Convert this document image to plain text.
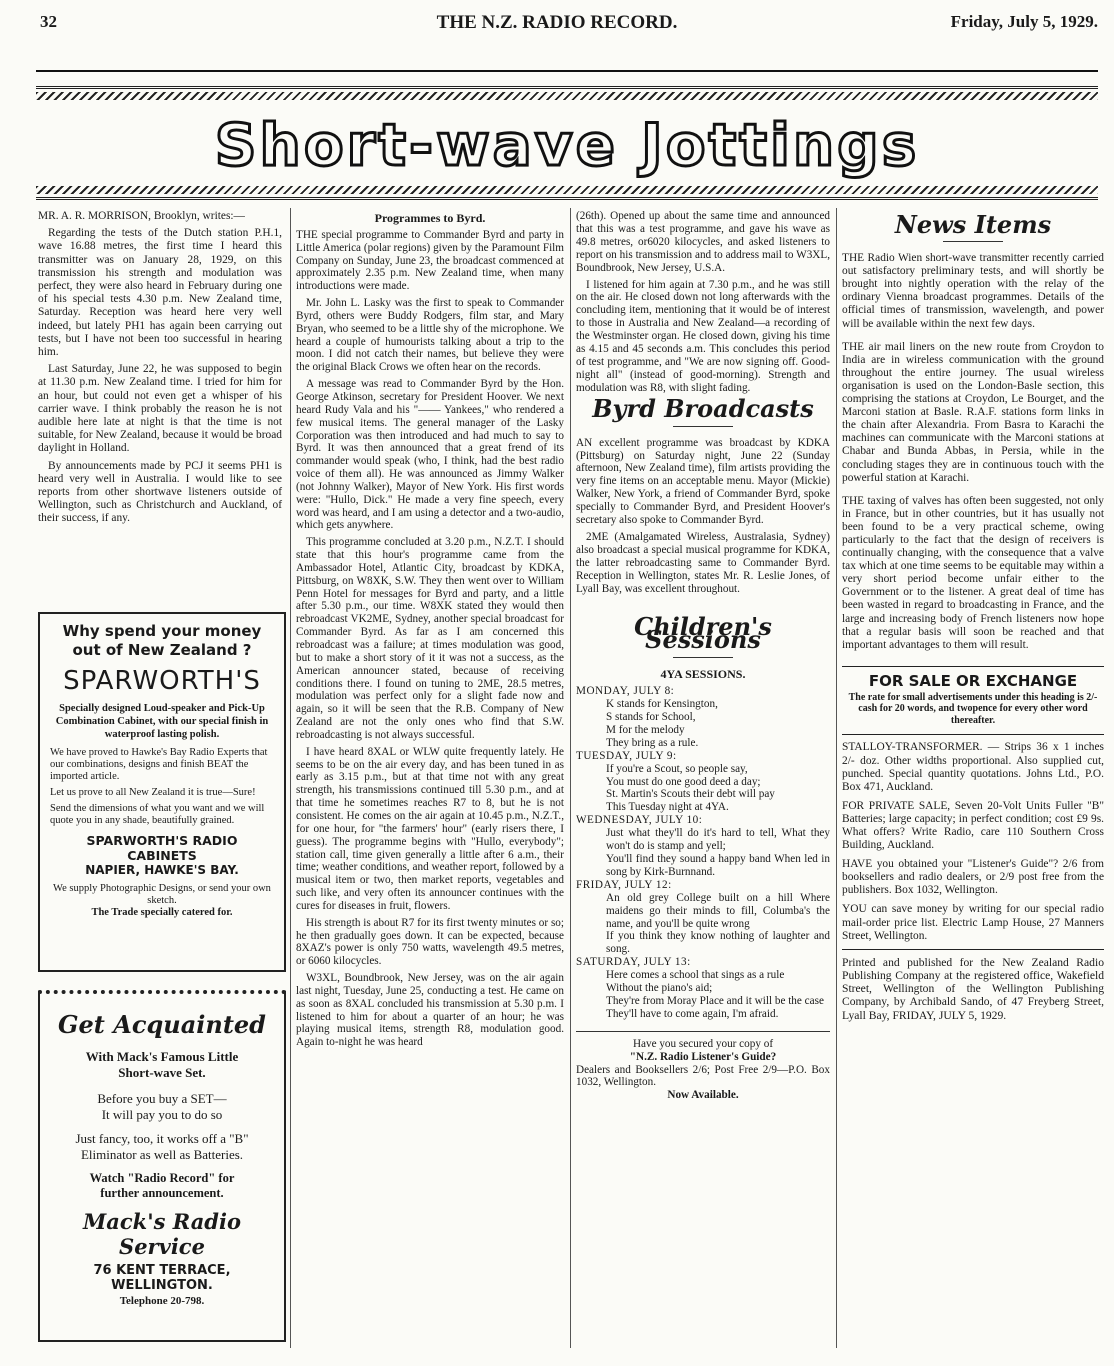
32	THE N.Z. RADIO RECORD.	Friday, July 5, 1929.
Short-wave Jottings

MR. A. R. MORRISON, Brooklyn, writes:—

Regarding the tests of the Dutch station P.H.1, wave 16.88 metres, the first time I heard this transmitter was on January 28, 1929, on this transmission his strength and modulation was perfect, they were also heard in February during one of his special tests 4.30 p.m. New Zealand time, Saturday. Reception was heard here very well indeed, but lately PH1 has again been carrying out tests, but I have not been too successful in hearing him.

Last Saturday, June 22, he was supposed to begin at 11.30 p.m. New Zealand time. I tried for him for an hour, but could not even get a whisper of his carrier wave. I think probably the reason he is not audible here late at night is that the time is not suitable, for New Zealand, because it would be broad daylight in Holland.

By announcements made by PCJ it seems PH1 is heard very well in Australia. I would like to see reports from other shortwave listeners outside of Wellington, such as Christchurch and Auckland, of their success, if any.

Why spend your money out of New Zealand ?
SPARWORTH'S
Specially designed Loud-speaker and Pick-Up Combination Cabinet, with our special finish in waterproof lasting polish.
We have proved to Hawke's Bay Radio Experts that our combinations, designs and finish BEAT the imported article.
Let us prove to all New Zealand it is true—Sure!
Send the dimensions of what you want and we will quote you in any shade, beautifully grained.
SPARWORTH'S RADIO CABINETS
NAPIER, HAWKE'S BAY.
We supply Photographic Designs, or send your own sketch.
The Trade specially catered for.
Get Acquainted
With Mack's Famous Little
Short-wave Set.
Before you buy a SET—
It will pay you to do so
Just fancy, too, it works off a "B" Eliminator as well as Batteries.
Watch "Radio Record" for
further announcement.
Mack's Radio Service
76 KENT TERRACE,
WELLINGTON.
Telephone 20-798.
Programmes to Byrd.

THE special programme to Commander Byrd and party in Little America (polar regions) given by the Paramount Film Company on Sunday, June 23, the broadcast commenced at approximately 2.35 p.m. New Zealand time, when many introductions were made.

Mr. John L. Lasky was the first to speak to Commander Byrd, others were Buddy Rodgers, film star, and Mary Bryan, who seemed to be a little shy of the microphone. We heard a couple of humourists talking about a trip to the moon. I did not catch their names, but believe they were the original Black Crows we often hear on the records.

A message was read to Commander Byrd by the Hon. George Atkinson, secretary for President Hoover. We next heard Rudy Vala and his "—— Yankees," who rendered a few musical items. The general manager of the Lasky Corporation was then introduced and had much to say to Byrd. It was then announced that a great frend of its commander would speak (who, I think, had the best radio voice of them all). He was announced as Jimmy Walker (not Johnny Walker), Mayor of New York. His first words were: "Hullo, Dick." He made a very fine speech, every word was heard, and I am using a detector and a two-audio, which gets anywhere.

This programme concluded at 3.20 p.m., N.Z.T. I should state that this hour's programme came from the Ambassador Hotel, Atlantic City, broadcast by KDKA, Pittsburg, on W8XK, S.W. They then went over to William Penn Hotel for messages for Byrd and party, and a little after 5.30 p.m., our time. W8XK stated they would then rebroadcast VK2ME, Sydney, another special broadcast for Commander Byrd. As far as I am concerned this rebroadcast was a failure; at times modulation was good, but to make a short story of it it was not a success, as the American announcer stated, because of receiving conditions there. I found on tuning to 2ME, 28.5 metres, modulation was perfect only for a slight fade now and again, so it will be seen that the R.B. Company of New Zealand are not the only ones who find that S.W. rebroadcasting is not always successful.

I have heard 8XAL or WLW quite frequently lately. He seems to be on the air every day, and has been tuned in as early as 3.15 p.m., but at that time not with any great strength, his transmissions continued till 5.30 p.m., and at that time he sometimes reaches R7 to 8, but he is not consistent. He comes on the air again at 10.45 p.m., N.Z.T., for one hour, for "the farmers' hour" (early risers there, I guess). The programme begins with "Hullo, everybody"; station call, time given generally a little after 6 a.m., their time; weather conditions, and weather report, followed by a musical item or two, then market reports, vegetables and such like, and very often its announcer continues with the cures for diseases in fruit, flowers.

His strength is about R7 for its first twenty minutes or so; he then gradually goes down. It can be expected, because 8XAZ's power is only 750 watts, wavelength 49.5 metres, or 6060 kilocycles.

W3XL, Boundbrook, New Jersey, was on the air again last night, Tuesday, June 25, conducting a test. He came on as soon as 8XAL concluded his transmission at 5.30 p.m. I listened to him for about a quarter of an hour; he was playing musical items, strength R8, modulation good. Again to-night he was heard

(26th). Opened up about the same time and announced that this was a test programme, and gave his wave as 49.8 metres, or6020 kilocycles, and asked listeners to report on his transmission and to address mail to W3XL, Boundbrook, New Jersey, U.S.A.

I listened for him again at 7.30 p.m., and he was still on the air. He closed down not long afterwards with the concluding item, mentioning that it would be of interest to those in Australia and New Zealand—a recording of the Westminster organ. He closed down, giving his time as 4.15 and 45 seconds a.m. This concludes this period of test programme, and "We are now signing off. Good-night all" (instead of good-morning). Strength and modulation was R8, with slight fading.

Byrd Broadcasts

AN excellent programme was broadcast by KDKA (Pittsburg) on Saturday night, June 22 (Sunday afternoon, New Zealand time), film artists providing the very fine items on an acceptable menu. Mayor (Mickie) Walker, New York, a friend of Commander Byrd, spoke specially to Commander Byrd, and President Hoover's secretary also spoke to Commander Byrd.

2ME (Amalgamated Wireless, Australasia, Sydney) also broadcast a special musical programme for KDKA, the latter rebroadcasting same to Commander Byrd. Reception in Wellington, states Mr. R. Leslie Jones, of Lyall Bay, was excellent throughout.

Children's Sessions
4YA SESSIONS.
MONDAY, JULY 8:
K stands for Kensington,
S stands for School,
M for the melody
They bring as a rule.
TUESDAY, JULY 9:
If you're a Scout, so people say,
You must do one good deed a day;
St. Martin's Scouts their debt will pay
This Tuesday night at 4YA.
WEDNESDAY, JULY 10:
Just what they'll do it's hard to tell, What they won't do is stamp and yell;
You'll find they sound a happy band When led in song by Kirk-Burnnand.
FRIDAY, JULY 12:
An old grey College built on a hill Where maidens go their minds to fill, Columba's the name, and you'll be quite wrong
If you think they know nothing of laughter and song.
SATURDAY, JULY 13:
Here comes a school that sings as a rule
Without the piano's aid;
They're from Moray Place and it will be the case
They'll have to come again, I'm afraid.
Have you secured your copy of
"N.Z. Radio Listener's Guide?
Dealers and Booksellers 2/6; Post Free 2/9—P.O. Box 1032, Wellington.
Now Available.
News Items

THE Radio Wien short-wave transmitter recently carried out satisfactory preliminary tests, and will shortly be brought into nightly operation with the relay of the ordinary Vienna broadcast programmes. Details of the official times of transmission, wavelength, and power will be available within the next few days.

THE air mail liners on the new route from Croydon to India are in wireless communication with the ground throughout the entire journey. The usual wireless organisation is used on the London-Basle section, this comprising the stations at Croydon, Le Bourget, and the Marconi station at Basle. R.A.F. stations form links in the chain after Alexandria. From Basra to Karachi the machines can communicate with the Marconi stations at Chabar and Bunda Abbas, in Persia, while in the concluding stages they are in continuous touch with the powerful station at Karachi.

THE taxing of valves has often been suggested, not only in France, but in other countries, but it has usually not been found to be a very practical scheme, owing particularly to the fact that the design of receivers is continually changing, with the consequence that a valve tax which at one time seems to be equitable may within a very short period become unfair either to the Government or to the listener. A great deal of time has been wasted in regard to broadcasting in France, and the large and increasing body of French listeners now hope that a regular basis will soon be reached and that important advantages to them will result.

FOR SALE OR EXCHANGE
The rate for small advertisements under this heading is 2/- cash for 20 words, and twopence for every other word thereafter.

STALLOY-TRANSFORMER. — Strips 36 x 1 inches 2/- doz. Other widths proportional. Also supplied cut, punched. Special quantity quotations. Johns Ltd., P.O. Box 471, Auckland.

FOR PRIVATE SALE, Seven 20-Volt Units Fuller "B" Batteries; large capacity; in perfect condition; cost £9 9s. What offers? Write Radio, care 110 Southern Cross Building, Auckland.

HAVE you obtained your "Listener's Guide"? 2/6 from booksellers and radio dealers, or 2/9 post free from the publishers. Box 1032, Wellington.

YOU can save money by writing for our special radio mail-order price list. Electric Lamp House, 27 Manners Street, Wellington.

Printed and published for the New Zealand Radio Publishing Company at the registered office, Wakefield Street, Wellington of the Wellington Publishing Company, by Archibald Sando, of 47 Freyberg Street, Lyall Bay, FRIDAY, JULY 5, 1929.
